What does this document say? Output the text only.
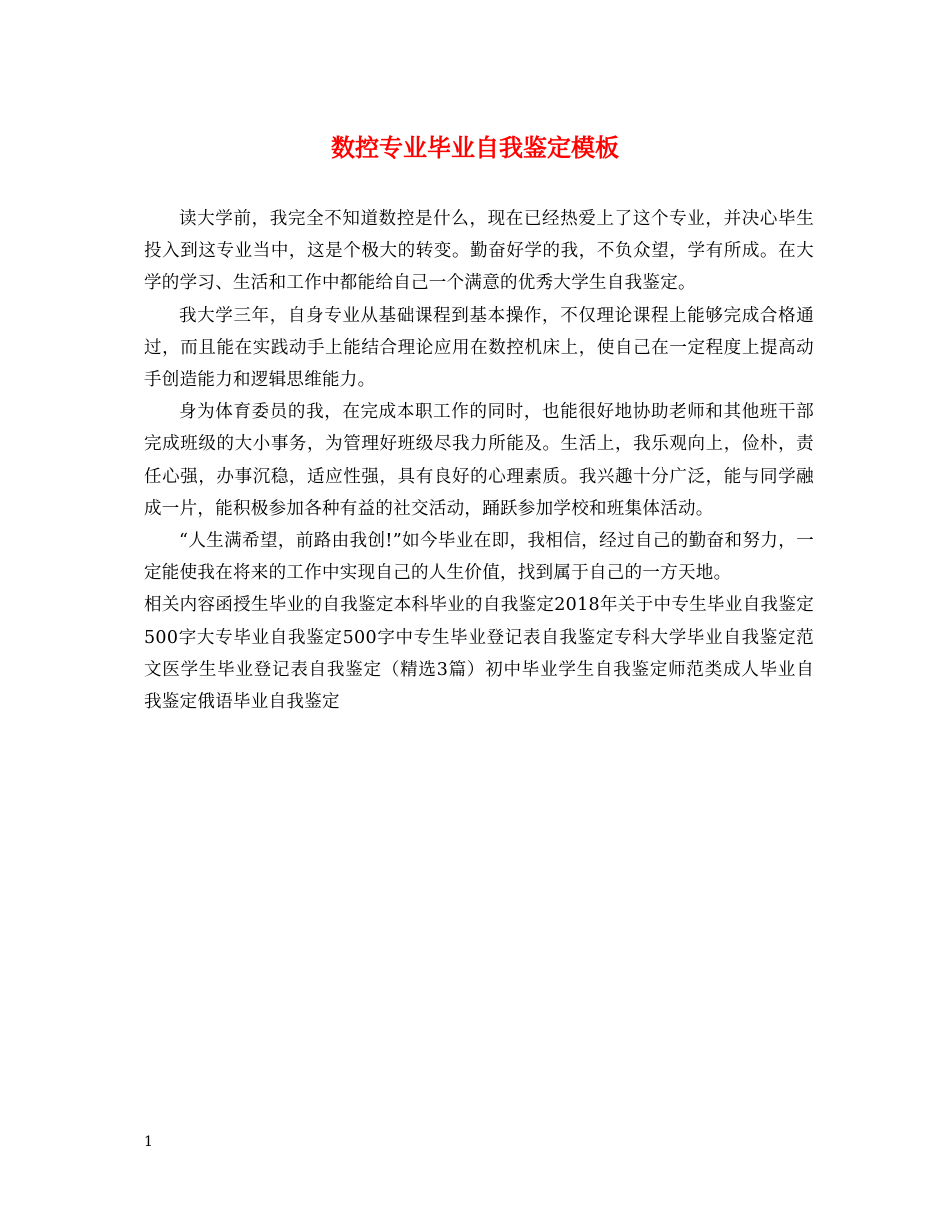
数控专业毕业自我鉴定模板

读大学前，我完全不知道数控是什么，现在已经热爱上了这个专业，并决心毕生投入到这专业当中，这是个极大的转变。勤奋好学的我，不负众望，学有所成。在大学的学习、生活和工作中都能给自己一个满意的优秀大学生自我鉴定。

我大学三年，自身专业从基础课程到基本操作，不仅理论课程上能够完成合格通过，而且能在实践动手上能结合理论应用在数控机床上，使自己在一定程度上提高动手创造能力和逻辑思维能力。

身为体育委员的我，在完成本职工作的同时，也能很好地协助老师和其他班干部完成班级的大小事务，为管理好班级尽我力所能及。生活上，我乐观向上，俭朴，责任心强，办事沉稳，适应性强，具有良好的心理素质。我兴趣十分广泛，能与同学融成一片，能积极参加各种有益的社交活动，踊跃参加学校和班集体活动。

“人生满希望，前路由我创!”如今毕业在即，我相信，经过自己的勤奋和努力，一定能使我在将来的工作中实现自己的人生价值，找到属于自己的一方天地。

相关内容函授生毕业的自我鉴定本科毕业的自我鉴定2018年关于中专生毕业自我鉴定500字大专毕业自我鉴定500字中专生毕业登记表自我鉴定专科大学毕业自我鉴定范文医学生毕业登记表自我鉴定（精选3篇）初中毕业学生自我鉴定师范类成人毕业自我鉴定俄语毕业自我鉴定

1
